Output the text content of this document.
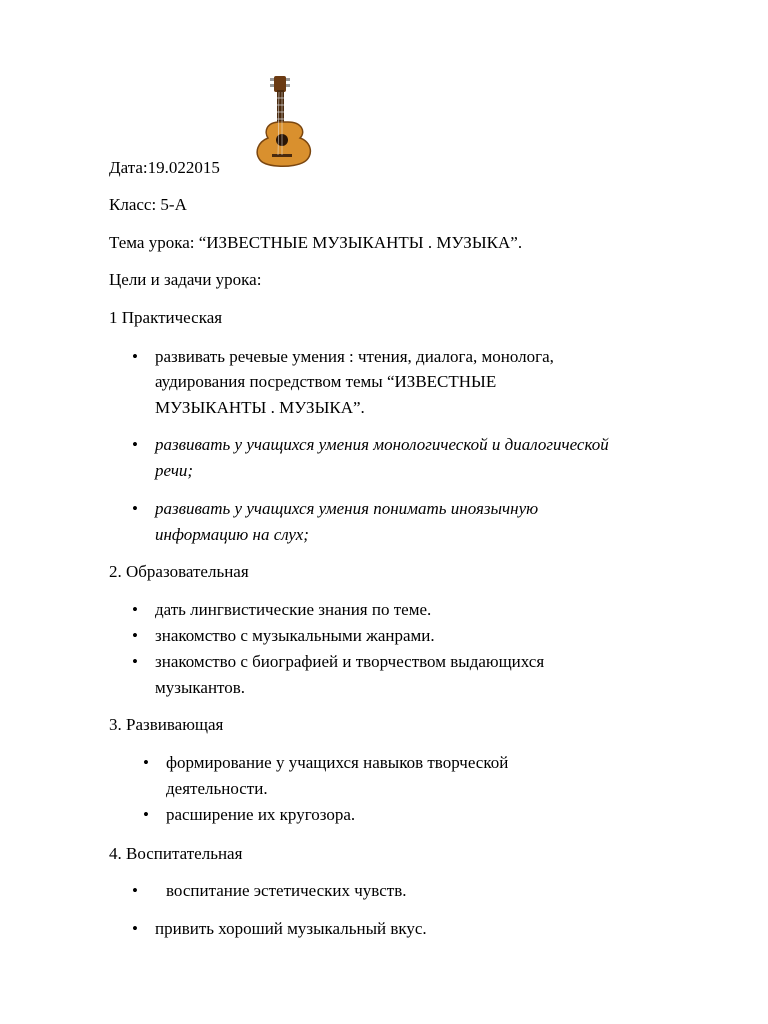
Дата:19.022015
Класс: 5-А
Тема урока: “ИЗВЕСТНЫЕ МУЗЫКАНТЫ . МУЗЫКА”.
Цели и задачи урока:
1 Практическая
• развивать речевые умения : чтения, диалога, монолога,
аудирования посредством темы “ИЗВЕСТНЫЕ
МУЗЫКАНТЫ . МУЗЫКА”.
• развивать у учащихся умения монологической и диалогической
речи;
• развивать у учащихся умения понимать иноязычную
информацию на слух;
2. Образовательная
• дать лингвистические знания по теме.
• знакомство с музыкальными жанрами.
• знакомство с биографией и творчеством выдающихся
музыкантов.
3. Развивающая
• формирование у учащихся навыков творческой
деятельности.
• расширение их кругозора.
4. Воспитательная
• воспитание эстетических чувств.
• привить хороший музыкальный вкус.
